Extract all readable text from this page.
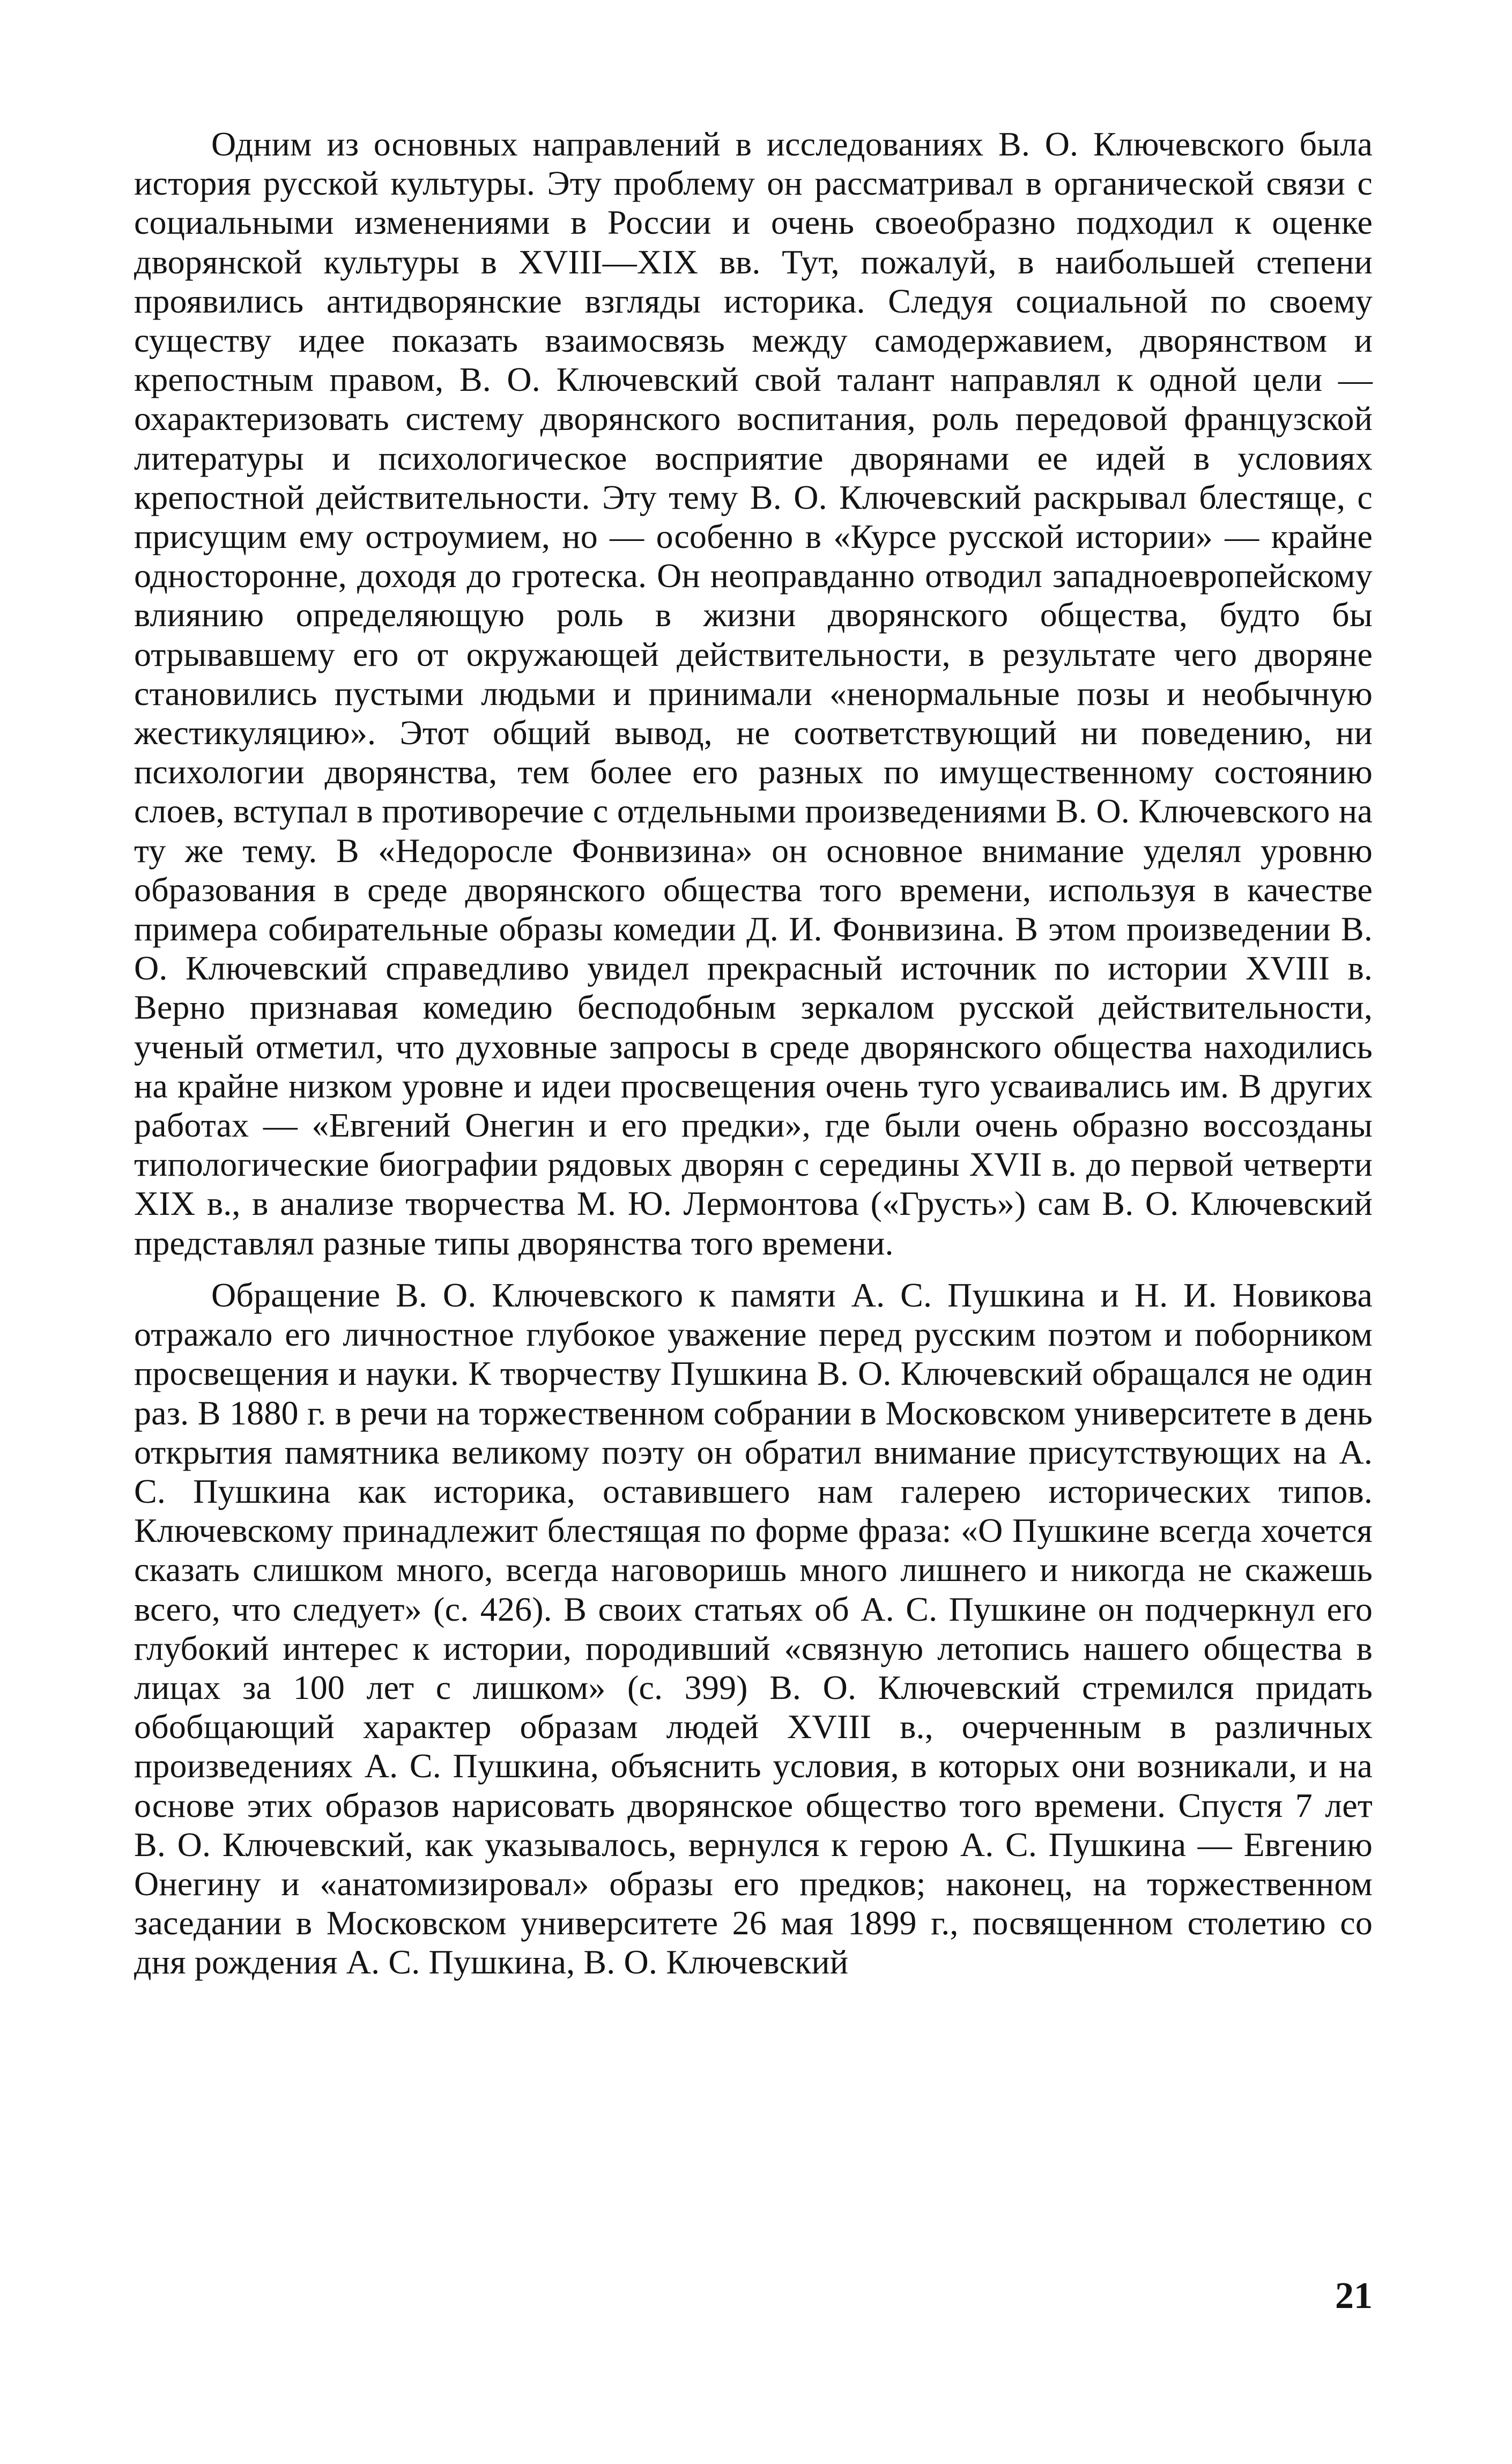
Одним из основных направлений в исследованиях В. О. Ключевского была история русской культуры. Эту проблему он рассматривал в органической связи с социальными изменениями в России и очень своеобразно подходил к оценке дворянской культуры в XVIII—XIX вв. Тут, пожалуй, в наибольшей степени проявились антидворянские взгляды историка. Следуя социальной по своему существу идее показать взаимосвязь между самодержавием, дворянством и крепостным правом, В. О. Ключевский свой талант направлял к одной цели — охарактеризовать систему дворянского воспитания, роль передовой французской литературы и психологическое восприятие дворянами ее идей в условиях крепостной действительности. Эту тему В. О. Ключевский раскрывал блестяще, с присущим ему остроумием, но — особенно в «Курсе русской истории» — крайне односторонне, доходя до гротеска. Он неоправданно отводил западноевропейскому влиянию определяющую роль в жизни дворянского общества, будто бы отрывавшему его от окружающей действительности, в результате чего дворяне становились пустыми людьми и принимали «ненормальные позы и необычную жестикуляцию». Этот общий вывод, не соответствующий ни поведению, ни психологии дворянства, тем более его разных по имущественному состоянию слоев, вступал в противоречие с отдельными произведениями В. О. Ключевского на ту же тему. В «Недоросле Фонвизина» он основное внимание уделял уровню образования в среде дворянского общества того времени, используя в качестве примера собирательные образы комедии Д. И. Фонвизина. В этом произведении В. О. Ключевский справедливо увидел прекрасный источник по истории XVIII в. Верно признавая комедию бесподобным зеркалом русской действительности, ученый отметил, что духовные запросы в среде дворянского общества находились на крайне низком уровне и идеи просвещения очень туго усваивались им. В других работах — «Евгений Онегин и его предки», где были очень образно воссозданы типологические биографии рядовых дворян с середины XVII в. до первой четверти XIX в., в анализе творчества М. Ю. Лермонтова («Грусть») сам В. О. Ключевский представлял разные типы дворянства того времени.

Обращение В. О. Ключевского к памяти А. С. Пушкина и Н. И. Новикова отражало его личностное глубокое уважение перед русским поэтом и поборником просвещения и науки. К творчеству Пушкина В. О. Ключевский обращался не один раз. В 1880 г. в речи на торжественном собрании в Московском университете в день открытия памятника великому поэту он обратил внимание присутствующих на А. С. Пушкина как историка, оставившего нам галерею исторических типов. Ключевскому принадлежит блестящая по форме фраза: «О Пушкине всегда хочется сказать слишком много, всегда наговоришь много лишнего и никогда не скажешь всего, что следует» (с. 426). В своих статьях об А. С. Пушкине он подчеркнул его глубокий интерес к истории, породивший «связную летопись нашего общества в лицах за 100 лет с лишком» (с. 399) В. О. Ключевский стремился придать обобщающий характер образам людей XVIII в., очерченным в различных произведениях А. С. Пушкина, объяснить условия, в которых они возникали, и на основе этих образов нарисовать дворянское общество того времени. Спустя 7 лет В. О. Ключевский, как указывалось, вернулся к герою А. С. Пушкина — Евгению Онегину и «анатомизировал» образы его предков; наконец, на торжественном заседании в Московском университете 26 мая 1899 г., посвященном столетию со дня рождения А. С. Пушкина, В. О. Ключевский

21
